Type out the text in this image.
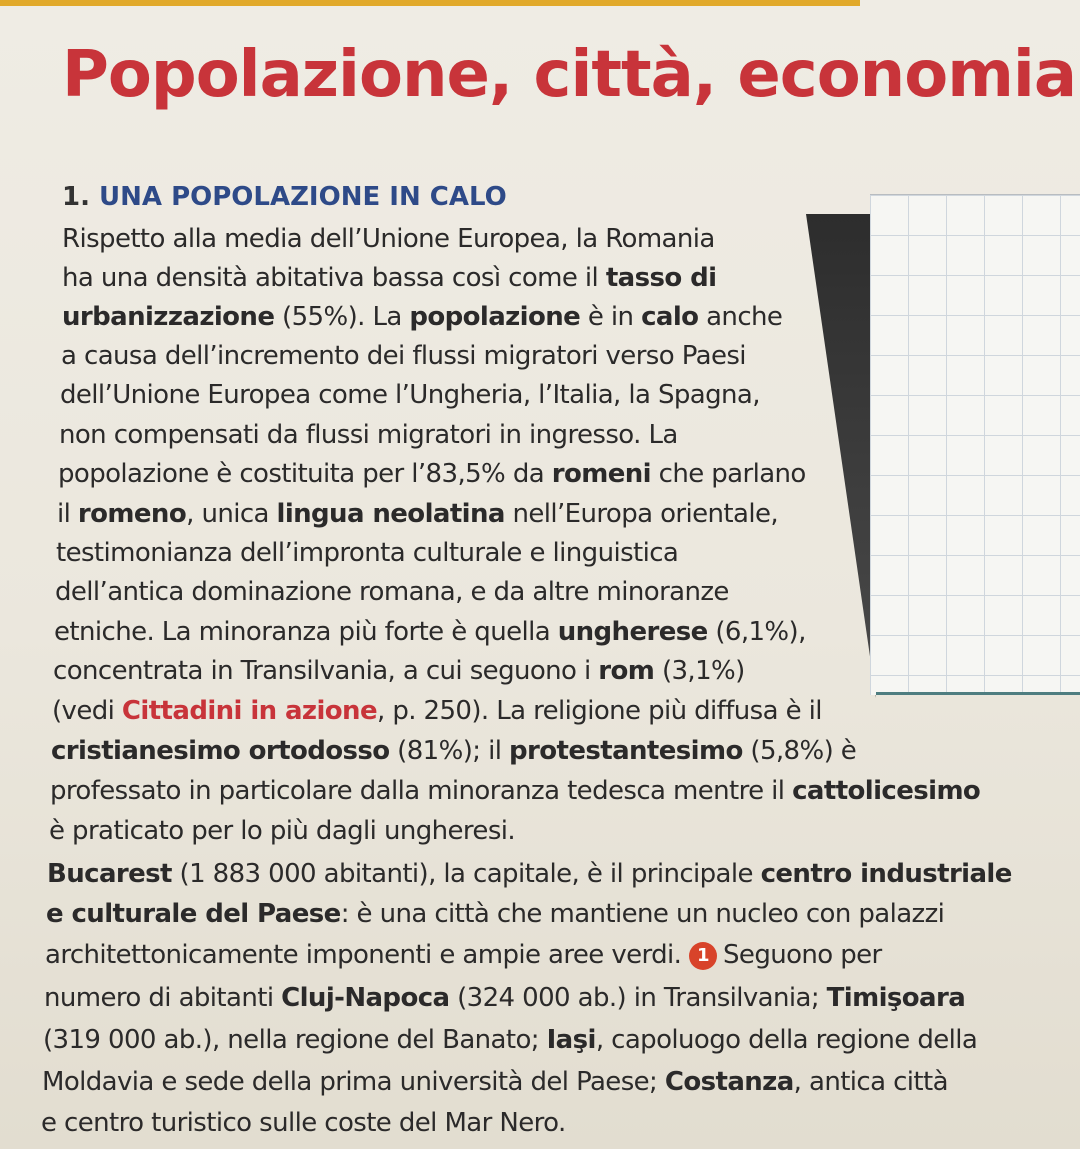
Popolazione, città, economia
1. UNA POPOLAZIONE IN CALO

Rispetto alla media dell’Unione Europea, la Romania

ha una densità abitativa bassa così come il tasso di

urbanizzazione (55%). La popolazione è in calo anche

a causa dell’incremento dei flussi migratori verso Paesi

dell’Unione Europea come l’Ungheria, l’Italia, la Spagna,

non compensati da flussi migratori in ingresso. La

popolazione è costituita per l’83,5% da romeni che parlano

il romeno, unica lingua neolatina nell’Europa orientale,

testimonianza dell’impronta culturale e linguistica

dell’antica dominazione romana, e da altre minoranze

etniche. La minoranza più forte è quella ungherese (6,1%),

concentrata in Transilvania, a cui seguono i rom (3,1%)

(vedi Cittadini in azione, p. 250). La religione più diffusa è il

cristianesimo ortodosso (81%); il protestantesimo (5,8%) è

professato in particolare dalla minoranza tedesca mentre il cattolicesimo

è praticato per lo più dagli ungheresi.

Bucarest (1 883 000 abitanti), la capitale, è il principale centro industriale

e culturale del Paese: è una città che mantiene un nucleo con palazzi

architettonicamente imponenti e ampie aree verdi. 1 Seguono per

numero di abitanti Cluj-Napoca (324 000 ab.) in Transilvania; Timişoara

(319 000 ab.), nella regione del Banato; Iaşi, capoluogo della regione della

Moldavia e sede della prima università del Paese; Costanza, antica città

e centro turistico sulle coste del Mar Nero.
